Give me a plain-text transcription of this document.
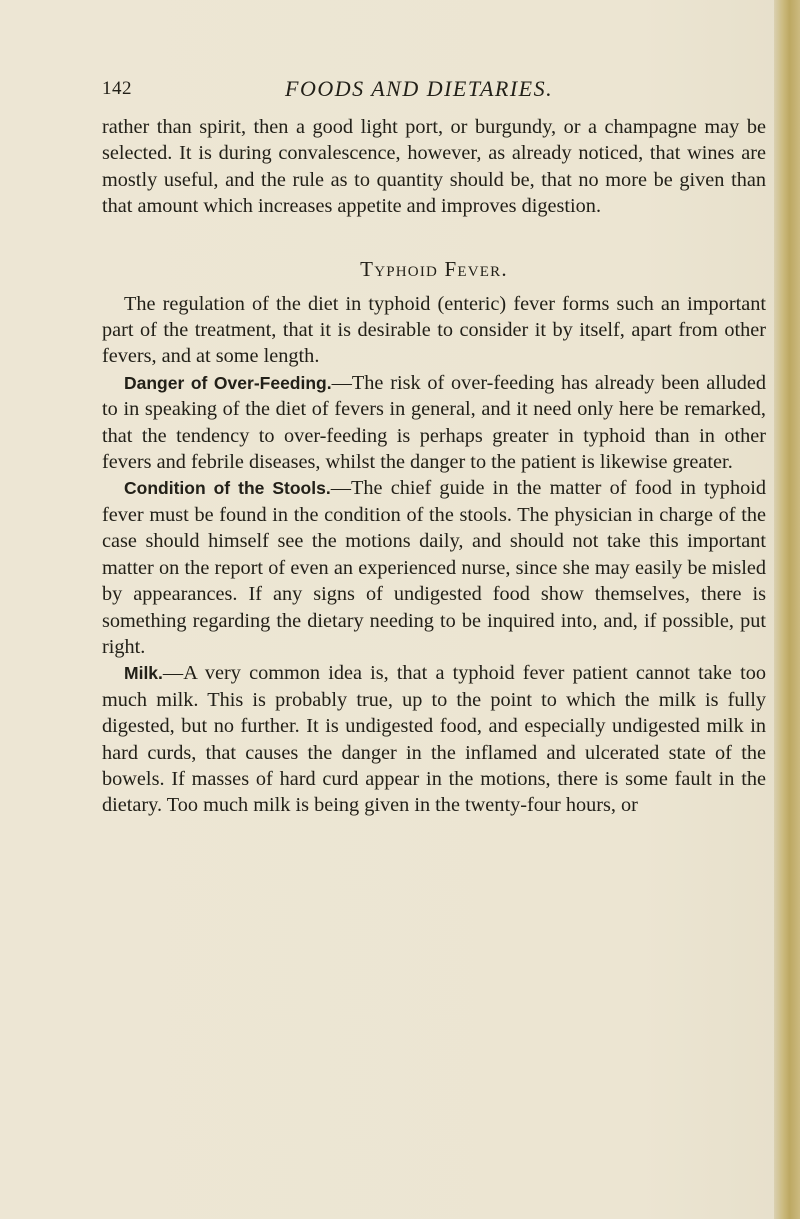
142	FOODS AND DIETARIES.

rather than spirit, then a good light port, or burgundy, or a champagne may be selected. It is during convalescence, however, as already noticed, that wines are mostly useful, and the rule as to quantity should be, that no more be given than that amount which increases appetite and improves digestion.

Typhoid Fever.

The regulation of the diet in typhoid (enteric) fever forms such an important part of the treatment, that it is desirable to consider it by itself, apart from other fevers, and at some length.

Danger of Over-Feeding.—The risk of over-feeding has already been alluded to in speaking of the diet of fevers in general, and it need only here be remarked, that the tendency to over-feeding is perhaps greater in typhoid than in other fevers and febrile diseases, whilst the danger to the patient is likewise greater.

Condition of the Stools.—The chief guide in the matter of food in typhoid fever must be found in the condition of the stools. The physician in charge of the case should himself see the motions daily, and should not take this important matter on the report of even an experienced nurse, since she may easily be misled by appearances. If any signs of undigested food show themselves, there is something regarding the dietary needing to be inquired into, and, if possible, put right.

Milk.—A very common idea is, that a typhoid fever patient cannot take too much milk. This is probably true, up to the point to which the milk is fully digested, but no further. It is undigested food, and especially undigested milk in hard curds, that causes the danger in the inflamed and ulcerated state of the bowels. If masses of hard curd appear in the motions, there is some fault in the dietary. Too much milk is being given in the twenty-four hours, or
